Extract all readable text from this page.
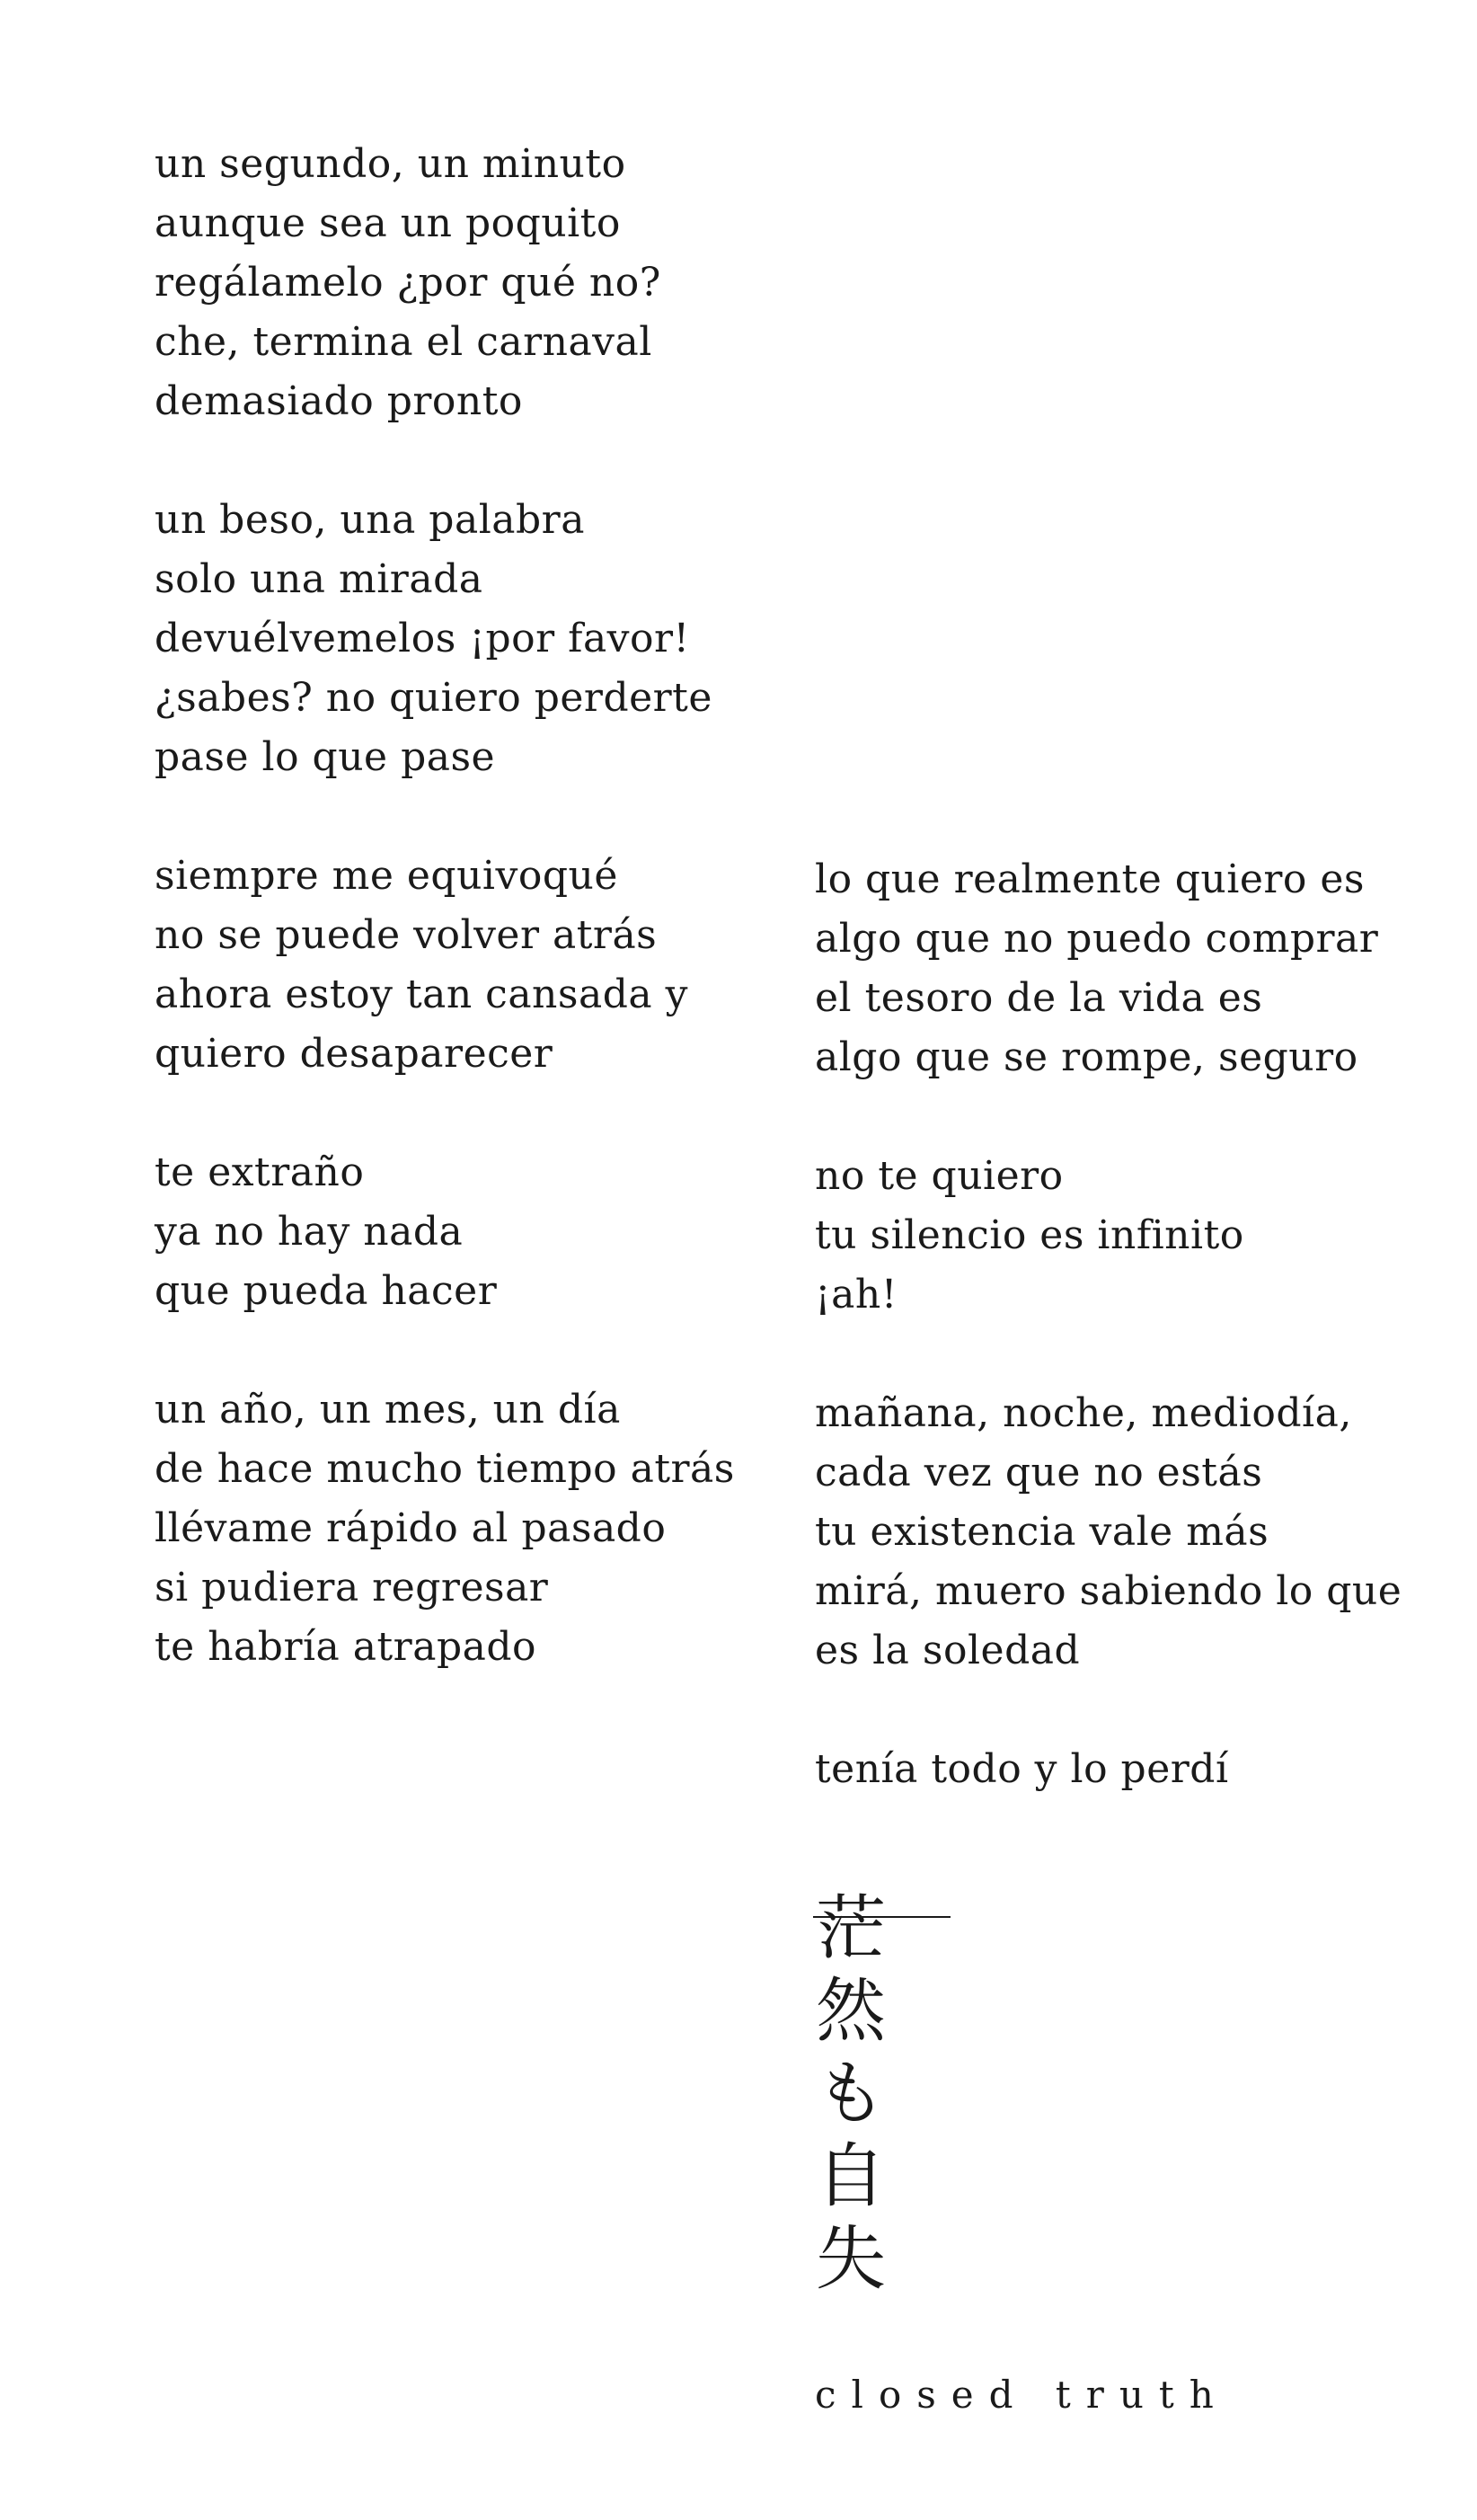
un segundo, un minuto
aunque sea un poquito
regálamelo ¿por qué no?
che, termina el carnaval
demasiado pronto
un beso, una palabra
solo una mirada
devuélvemelos ¡por favor!
¿sabes? no quiero perderte
pase lo que pase
siempre me equivoqué
no se puede volver atrás
ahora estoy tan cansada y
quiero desaparecer
te extraño
ya no hay nada
que pueda hacer
un año, un mes, un día
de hace mucho tiempo atrás
llévame rápido al pasado
si pudiera regresar
te habría atrapado
lo que realmente quiero es
algo que no puedo comprar
el tesoro de la vida es
algo que se rompe, seguro
no te quiero
tu silencio es infinito
¡ah!
mañana, noche, mediodía,
cada vez que no estás
tu existencia vale más
mirá, muero sabiendo lo que
es la soledad
tenía todo y lo perdí
茫
然
も
自
失
closed truth
